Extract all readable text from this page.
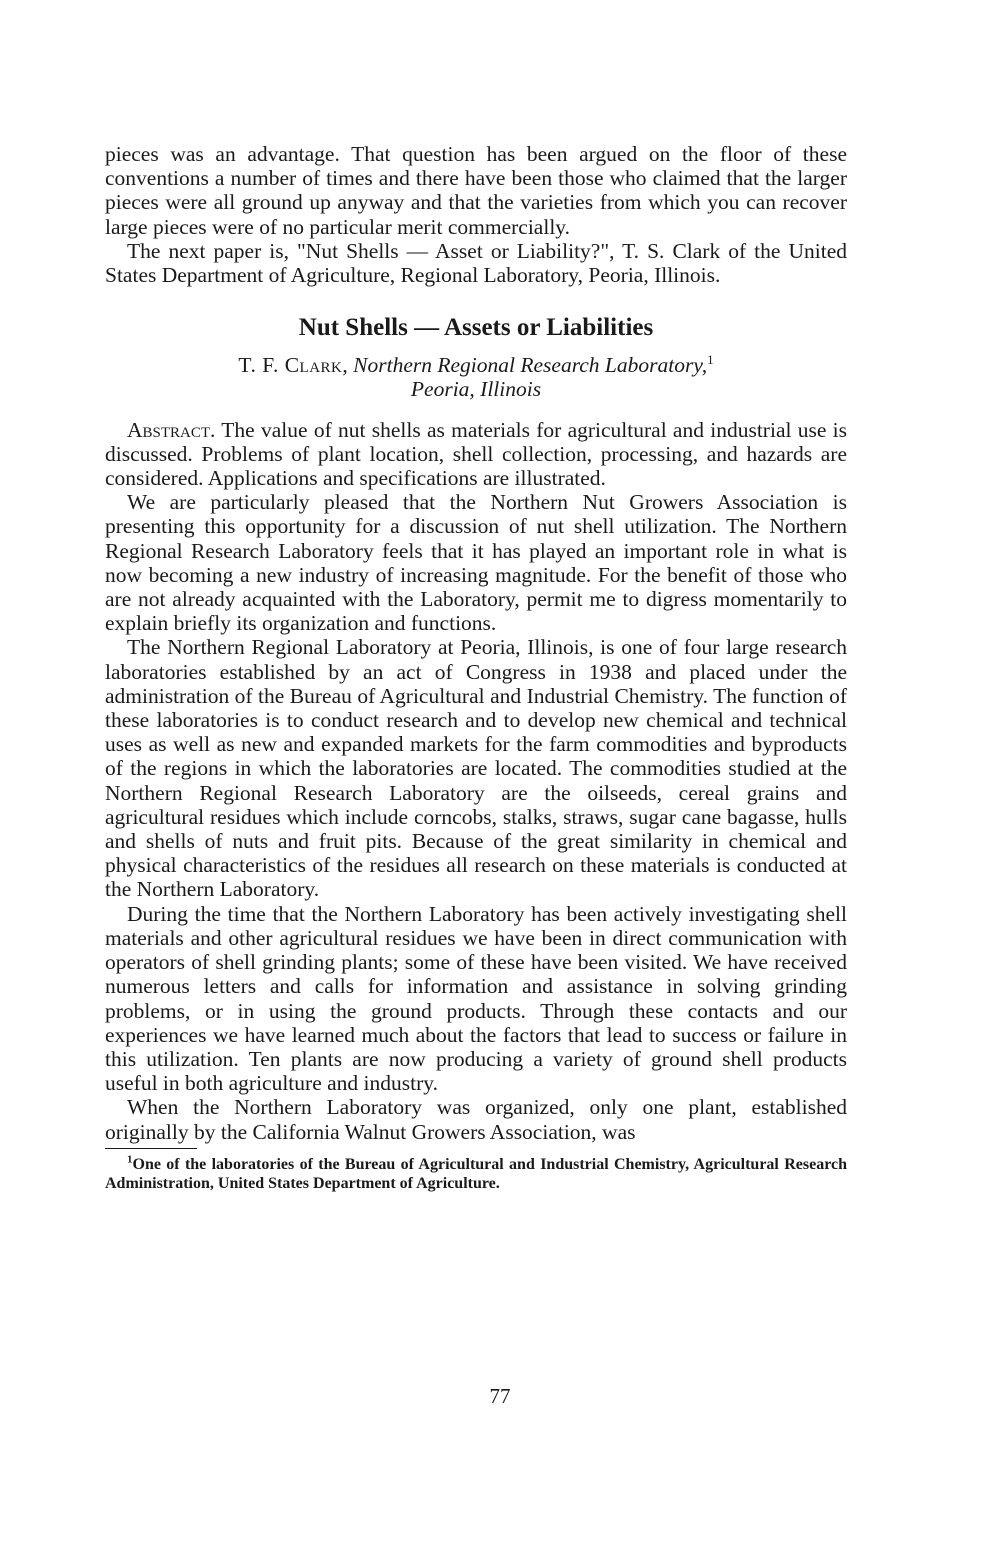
pieces was an advantage. That question has been argued on the floor of these conventions a number of times and there have been those who claimed that the larger pieces were all ground up anyway and that the varieties from which you can recover large pieces were of no particular merit commercially.

The next paper is, "Nut Shells — Asset or Liability?", T. S. Clark of the United States Department of Agriculture, Regional Laboratory, Peoria, Illinois.

Nut Shells — Assets or Liabilities
T. F. Clark, Northern Regional Research Laboratory,$^1$
Peoria, Illinois

Abstract. The value of nut shells as materials for agricultural and industrial use is discussed. Problems of plant location, shell collection, processing, and hazards are considered. Applications and specifications are illustrated.

We are particularly pleased that the Northern Nut Growers Association is presenting this opportunity for a discussion of nut shell utilization. The Northern Regional Research Laboratory feels that it has played an important role in what is now becoming a new industry of increasing magnitude. For the benefit of those who are not already acquainted with the Laboratory, permit me to digress momentarily to explain briefly its organization and functions.

The Northern Regional Laboratory at Peoria, Illinois, is one of four large research laboratories established by an act of Congress in 1938 and placed under the administration of the Bureau of Agricultural and Industrial Chemistry. The function of these laboratories is to conduct research and to develop new chemical and technical uses as well as new and expanded markets for the farm commodities and byproducts of the regions in which the laboratories are located. The commodities studied at the Northern Regional Research Laboratory are the oilseeds, cereal grains and agricultural residues which include corncobs, stalks, straws, sugar cane bagasse, hulls and shells of nuts and fruit pits. Because of the great similarity in chemical and physical characteristics of the residues all research on these materials is conducted at the Northern Laboratory.

During the time that the Northern Laboratory has been actively investigating shell materials and other agricultural residues we have been in direct communication with operators of shell grinding plants; some of these have been visited. We have received numerous letters and calls for information and assistance in solving grinding problems, or in using the ground products. Through these contacts and our experiences we have learned much about the factors that lead to success or failure in this utilization. Ten plants are now producing a variety of ground shell products useful in both agriculture and industry.

When the Northern Laboratory was organized, only one plant, established originally by the California Walnut Growers Association, was

$^1$One of the laboratories of the Bureau of Agricultural and Industrial Chemistry, Agricultural Research Administration, United States Department of Agriculture.

77
